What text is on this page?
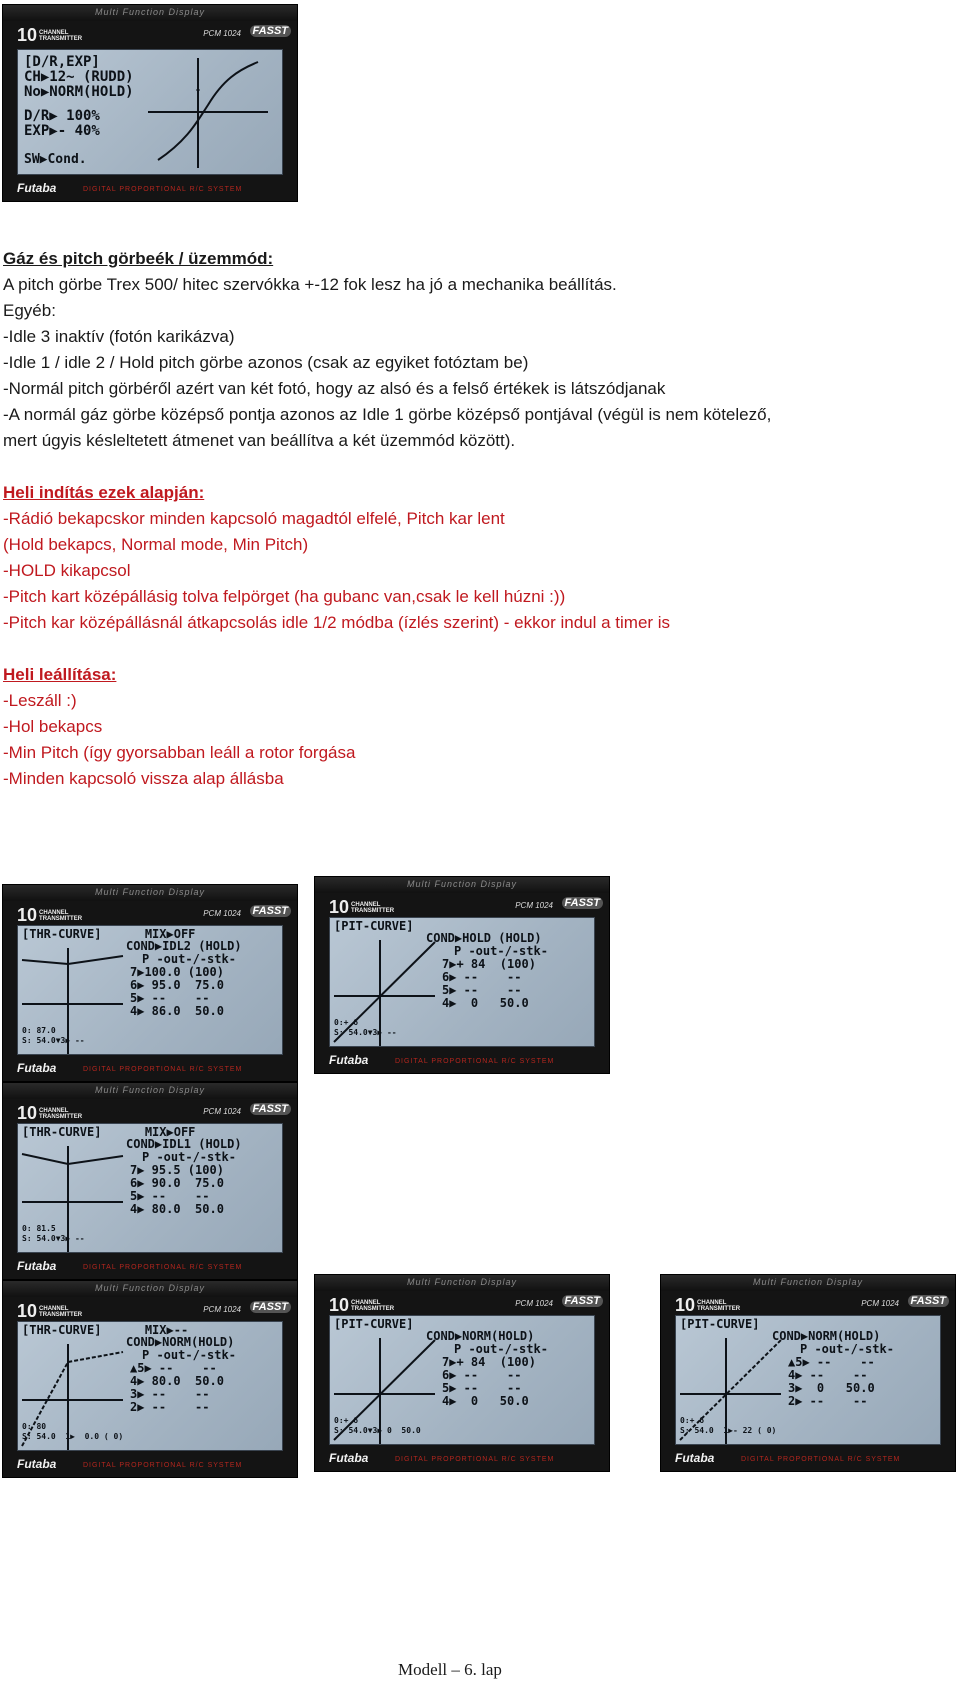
Multi Function Display
10 CHANNEL TRANSMITTER
PCM 1024 FASST
[D/R,EXP]
CH▶12̴ (RUDD)
No▶NORM(HOLD)
D/R▶ 100%
EXP▶- 40%
SW▶Cond.
Futaba	DIGITAL PROPORTIONAL R/C SYSTEM
Gáz és pitch görbeék / üzemmód:
A pitch görbe Trex 500/ hitec szervókka +-12 fok lesz ha jó a mechanika beállítás.
Egyéb:
-Idle 3 inaktív (fotón karikázva)
-Idle 1 / idle 2 / Hold pitch görbe azonos (csak az egyiket fotóztam be)
-Normál pitch görbéről azért van két fotó, hogy az alsó és a felső értékek is látszódjanak
-A normál gáz görbe középső pontja azonos az Idle 1 görbe középső pontjával (végül is nem kötelező,
mert úgyis késleltetett átmenet van beállítva a két üzemmód között).
Heli indítás ezek alapján:
-Rádió bekapcskor minden kapcsoló magadtól elfelé, Pitch kar lent
(Hold bekapcs, Normal mode, Min Pitch)
-HOLD kikapcsol
-Pitch kart középállásig tolva felpörget (ha gubanc van,csak le kell húzni :))
-Pitch kar középállásnál átkapcsolás idle 1/2 módba (ízlés szerint) - ekkor indul a timer is
Heli leállítása:
-Leszáll :)
-Hol bekapcs
-Min Pitch (így gyorsabban leáll a rotor forgása
-Minden kapcsoló vissza alap állásba
Multi Function Display
10 CHANNEL TRANSMITTER
PCM 1024 FASST
[THR-CURVE]      MIX▶OFF
COND▶IDL2 (HOLD)
P -out-/-stk-
7▶100.0 (100)
6▶ 95.0  75.0
5▶ --    --
4▶ 86.0  50.0
0: 87.0
S: 54.0▼3▶ --
Futaba	DIGITAL PROPORTIONAL R/C SYSTEM
Multi Function Display
10 CHANNEL TRANSMITTER
PCM 1024 FASST
[PIT-CURVE]
COND▶HOLD (HOLD)
P -out-/-stk-
7▶+ 84  (100)
6▶ --    --
5▶ --    --
4▶  0   50.0
0:+ 6
S: 54.0▼3▶ --
Futaba	DIGITAL PROPORTIONAL R/C SYSTEM
Multi Function Display
10 CHANNEL TRANSMITTER
PCM 1024 FASST
[THR-CURVE]      MIX▶OFF
COND▶IDL1 (HOLD)
P -out-/-stk-
7▶ 95.5 (100)
6▶ 90.0  75.0
5▶ --    --
4▶ 80.0  50.0
0: 81.5
S: 54.0▼3▶ --
Futaba	DIGITAL PROPORTIONAL R/C SYSTEM
Multi Function Display
10 CHANNEL TRANSMITTER
PCM 1024 FASST
[THR-CURVE]      MIX▶--
COND▶NORM(HOLD)
P -out-/-stk-
▲5▶ --    --
4▶ 80.0  50.0
3▶ --    --
2▶ --    --
0: 80
S: 54.0  1▶  0.0 ( 0)
Futaba	DIGITAL PROPORTIONAL R/C SYSTEM
Multi Function Display
10 CHANNEL TRANSMITTER
PCM 1024 FASST
[PIT-CURVE]
COND▶NORM(HOLD)
P -out-/-stk-
7▶+ 84  (100)
6▶ --    --
5▶ --    --
4▶  0   50.0
0:+ 6
S: 54.0▼3▶ 0  50.0
Futaba	DIGITAL PROPORTIONAL R/C SYSTEM
Multi Function Display
10 CHANNEL TRANSMITTER
PCM 1024 FASST
[PIT-CURVE]
COND▶NORM(HOLD)
P -out-/-stk-
▲5▶ --    --
4▶ --    --
3▶  0   50.0
2▶ --    --
0:+ 6
S: 54.0  1▶- 22 ( 0)
Futaba	DIGITAL PROPORTIONAL R/C SYSTEM
Modell – 6. lap
